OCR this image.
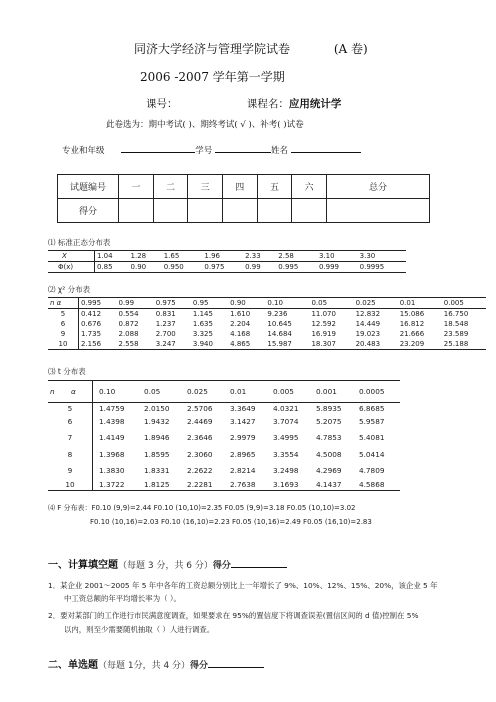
同济大学经济与管理学院试卷	(A 卷)
2006 -2007 学年第一学期
课号：	课程名：应用统计学
此卷选为：期中考试( )、期终考试( √ )、补考( )试卷
专业和年级	学号	姓名
试题编号	一	二	三	四	五	六	总分
得分							
⑴ 标准正态分布表
X	1.04	1.28	1.65	1.96	2.33	2.58	3.10	3.30
Φ(x)	0.85	0.90	0.950	0.975	0.99	0.995	0.999	0.9995
⑵ χ² 分布表
n α	0.995	0.99	0.975	0.95	0.90	0.10	0.05	0.025	0.01	0.005
5	0.412	0.554	0.831	1.145	1.610	9.236	11.070	12.832	15.086	16.750
6	0.676	0.872	1.237	1.635	2.204	10.645	12.592	14.449	16.812	18.548
9	1.735	2.088	2.700	3.325	4.168	14.684	16.919	19.023	21.666	23.589
10	2.156	2.558	3.247	3.940	4.865	15.987	18.307	20.483	23.209	25.188
⑶ t 分布表
n α	0.10	0.05	0.025	0.01	0.005	0.001	0.0005
5	1.4759	2.0150	2.5706	3.3649	4.0321	5.8935	6.8685
6	1.4398	1.9432	2.4469	3.1427	3.7074	5.2075	5.9587
7	1.4149	1.8946	2.3646	2.9979	3.4995	4.7853	5.4081
8	1.3968	1.8595	2.3060	2.8965	3.3554	4.5008	5.0414
9	1.3830	1.8331	2.2622	2.8214	3.2498	4.2969	4.7809
10	1.3722	1.8125	2.2281	2.7638	3.1693	4.1437	4.5868
⑷ F 分布表：F0.10 (9,9)=2.44 F0.10 (10,10)=2.35 F0.05 (9,9)=3.18 F0.05 (10,10)=3.02
F0.10 (10,16)=2.03 F0.10 (16,10)=2.23 F0.05 (10,16)=2.49 F0.05 (16,10)=2.83
一、计算填空题（每题 3 分，共 6 分）得分
1．某企业 2001～2005 年 5 年中各年的工资总额分别比上一年增长了 9%、10%、12%、15%、20%，该企业 5 年
中工资总额的年平均增长率为（ ）。
2．要对某部门的工作进行市民满意度调查，如果要求在 95%的置信度下将调查误差(置信区间的 d 值)控制在 5%
以内，则至少需要随机抽取（ ）人进行调查。
二、单选题（每题 1分，共 4 分）得分
